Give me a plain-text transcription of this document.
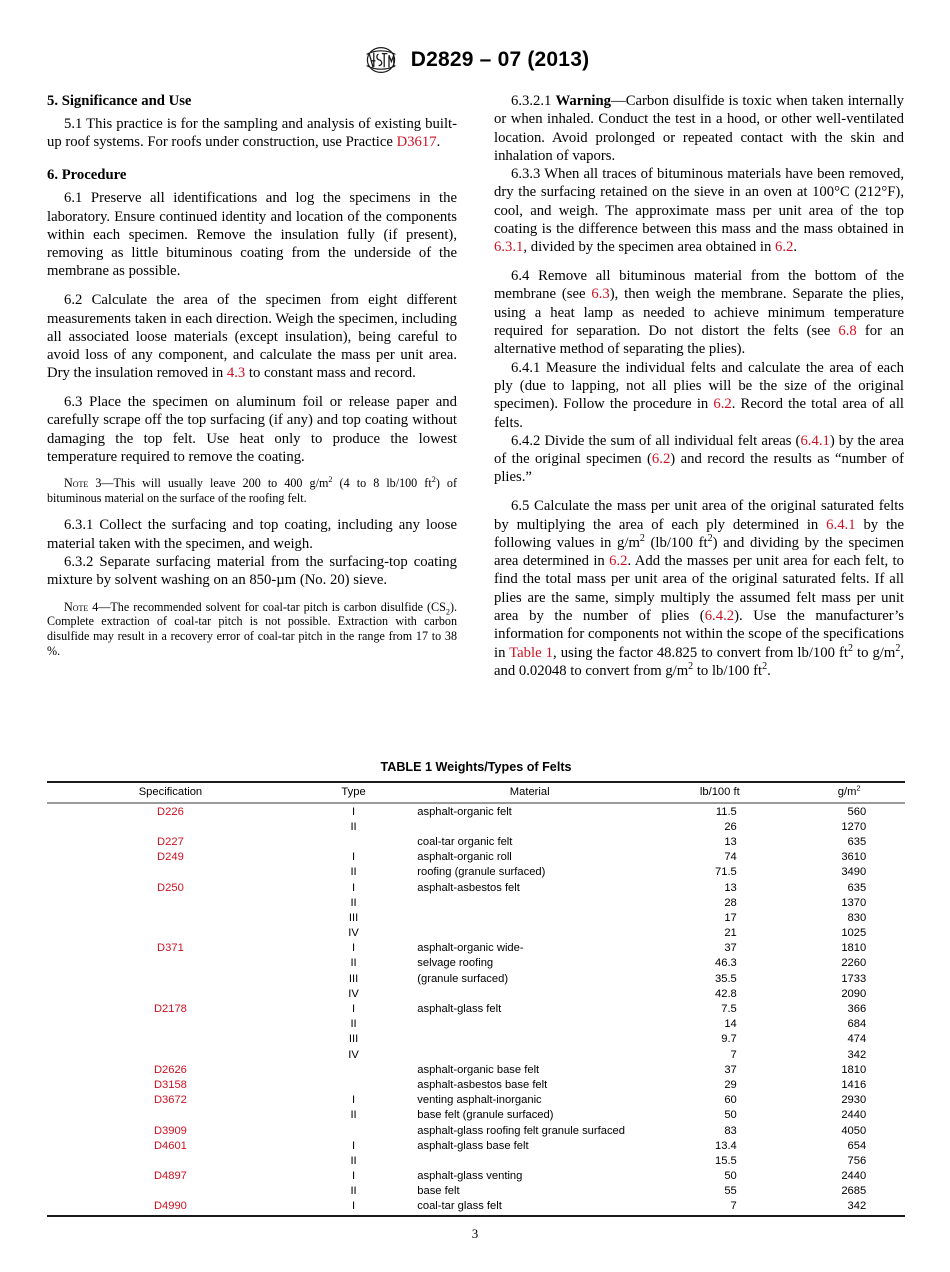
D2829 – 07 (2013)
5. Significance and Use

5.1 This practice is for the sampling and analysis of existing built-up roof systems. For roofs under construction, use Practice D3617.

6. Procedure

6.1 Preserve all identifications and log the specimens in the laboratory. Ensure continued identity and location of the components within each specimen. Remove the insulation fully (if present), removing as little bituminous coating from the underside of the membrane as possible.

6.2 Calculate the area of the specimen from eight different measurements taken in each direction. Weigh the specimen, including all associated loose materials (except insulation), being careful to avoid loss of any component, and calculate the mass per unit area. Dry the insulation removed in 4.3 to constant mass and record.

6.3 Place the specimen on aluminum foil or release paper and carefully scrape off the top surfacing (if any) and top coating without damaging the top felt. Use heat only to produce the lowest temperature required to remove the coating.

Note 3—This will usually leave 200 to 400 $g/m^2$ (4 to 8 lb/100 $ft^2$) of bituminous material on the surface of the roofing felt.

6.3.1 Collect the surfacing and top coating, including any loose material taken with the specimen, and weigh.

6.3.2 Separate surfacing material from the surfacing-top coating mixture by solvent washing on an 850-µm (No. 20) sieve.

Note 4—The recommended solvent for coal-tar pitch is carbon disulfide $(CS_2)$. Complete extraction of coal-tar pitch is not possible. Extraction with carbon disulfide may result in a recovery error of coal-tar pitch in the range from 17 to 38 %.

6.3.2.1 Warning—Carbon disulfide is toxic when taken internally or when inhaled. Conduct the test in a hood, or other well-ventilated location. Avoid prolonged or repeated contact with the skin and inhalation of vapors.

6.3.3 When all traces of bituminous materials have been removed, dry the surfacing retained on the sieve in an oven at 100°C (212°F), cool, and weigh. The approximate mass per unit area of the top coating is the difference between this mass and the mass obtained in 6.3.1, divided by the specimen area obtained in 6.2.

6.4 Remove all bituminous material from the bottom of the membrane (see 6.3), then weigh the membrane. Separate the plies, using a heat lamp as needed to achieve minimum temperature required for separation. Do not distort the felts (see 6.8 for an alternative method of separating the plies).

6.4.1 Measure the individual felts and calculate the area of each ply (due to lapping, not all plies will be the size of the original specimen). Follow the procedure in 6.2. Record the total area of all felts.

6.4.2 Divide the sum of all individual felt areas (6.4.1) by the area of the original specimen (6.2) and record the results as “number of plies.”

6.5 Calculate the mass per unit area of the original saturated felts by multiplying the area of each ply determined in 6.4.1 by the following values in $g/m^2$ (lb/100 $ft^2$) and dividing by the specimen area determined in 6.2. Add the masses per unit area for each felt, to find the total mass per unit area of the original saturated felts. If all plies are the same, simply multiply the assumed felt mass per unit area by the number of plies (6.4.2). Use the manufacturer’s information for components not within the scope of the specifications in Table 1, using the factor 48.825 to convert from lb/100 $ft^2$ to $g/m^2$, and 0.02048 to convert from $g/m^2$ to lb/100 $ft^2$.

TABLE 1 Weights/Types of Felts
Specification	Type	Material	lb/100 ft	$g/m^2$
D226	I	asphalt-organic felt	11.5	560
	II		26	1270
D227		coal-tar organic felt	13	635
D249	I	asphalt-organic roll	74	3610
	II	roofing (granule surfaced)	71.5	3490
D250	I	asphalt-asbestos felt	13	635
	II		28	1370
	III		17	830
	IV		21	1025
D371	I	asphalt-organic wide-	37	1810
	II	selvage roofing	46.3	2260
	III	(granule surfaced)	35.5	1733
	IV		42.8	2090
D2178	I	asphalt-glass felt	7.5	366
	II		14	684
	III		9.7	474
	IV		7	342
D2626		asphalt-organic base felt	37	1810
D3158		asphalt-asbestos base felt	29	1416
D3672	I	venting asphalt-inorganic	60	2930
	II	base felt (granule surfaced)	50	2440
D3909		asphalt-glass roofing felt granule surfaced	83	4050
D4601	I	asphalt-glass base felt	13.4	654
	II		15.5	756
D4897	I	asphalt-glass venting	50	2440
	II	base felt	55	2685
D4990	I	coal-tar glass felt	7	342
3
